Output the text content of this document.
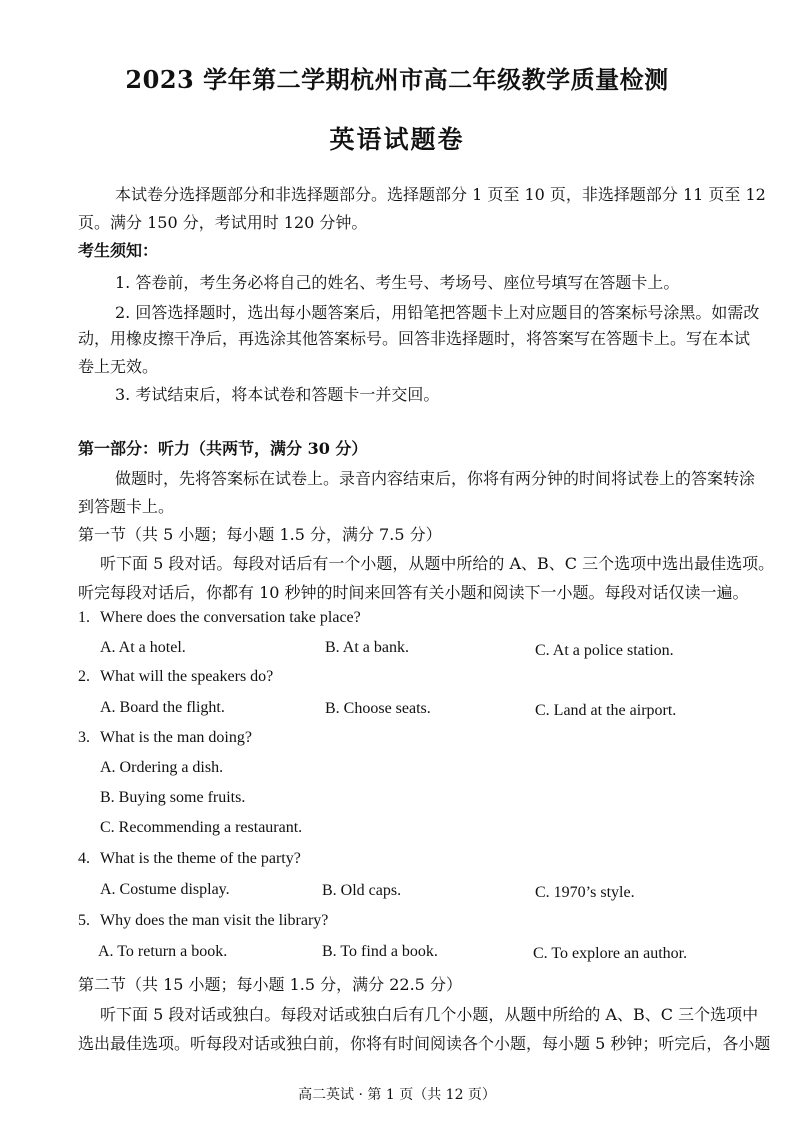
2023 学年第二学期杭州市高二年级教学质量检测
英语试题卷
本试卷分选择题部分和非选择题部分。选择题部分 1 页至 10 页，非选择题部分 11 页至 12
页。满分 150 分，考试用时 120 分钟。
考生须知：
1. 答卷前，考生务必将自己的姓名、考生号、考场号、座位号填写在答题卡上。
2. 回答选择题时，选出每小题答案后，用铅笔把答题卡上对应题目的答案标号涂黑。如需改
动，用橡皮擦干净后，再选涂其他答案标号。回答非选择题时，将答案写在答题卡上。写在本试
卷上无效。
3. 考试结束后，将本试卷和答题卡一并交回。
第一部分：听力（共两节，满分 30 分）
做题时，先将答案标在试卷上。录音内容结束后，你将有两分钟的时间将试卷上的答案转涂
到答题卡上。
第一节（共 5 小题；每小题 1.5 分，满分 7.5 分）
听下面 5 段对话。每段对话后有一个小题，从题中所给的 A、B、C 三个选项中选出最佳选项。
听完每段对话后，你都有 10 秒钟的时间来回答有关小题和阅读下一小题。每段对话仅读一遍。
1. Where does the conversation take place?
A. At a hotel.	B. At a bank.	C. At a police station.
2. What will the speakers do?
A. Board the flight.	B. Choose seats.	C. Land at the airport.
3. What is the man doing?
A. Ordering a dish.
B. Buying some fruits.
C. Recommending a restaurant.
4. What is the theme of the party?
A. Costume display.	B. Old caps.	C. 1970’s style.
5. Why does the man visit the library?
A. To return a book.	B. To find a book.	C. To explore an author.
第二节（共 15 小题；每小题 1.5 分，满分 22.5 分）
听下面 5 段对话或独白。每段对话或独白后有几个小题，从题中所给的 A、B、C 三个选项中
选出最佳选项。听每段对话或独白前，你将有时间阅读各个小题，每小题 5 秒钟；听完后，各小题
高二英试 · 第 1 页（共 12 页）
